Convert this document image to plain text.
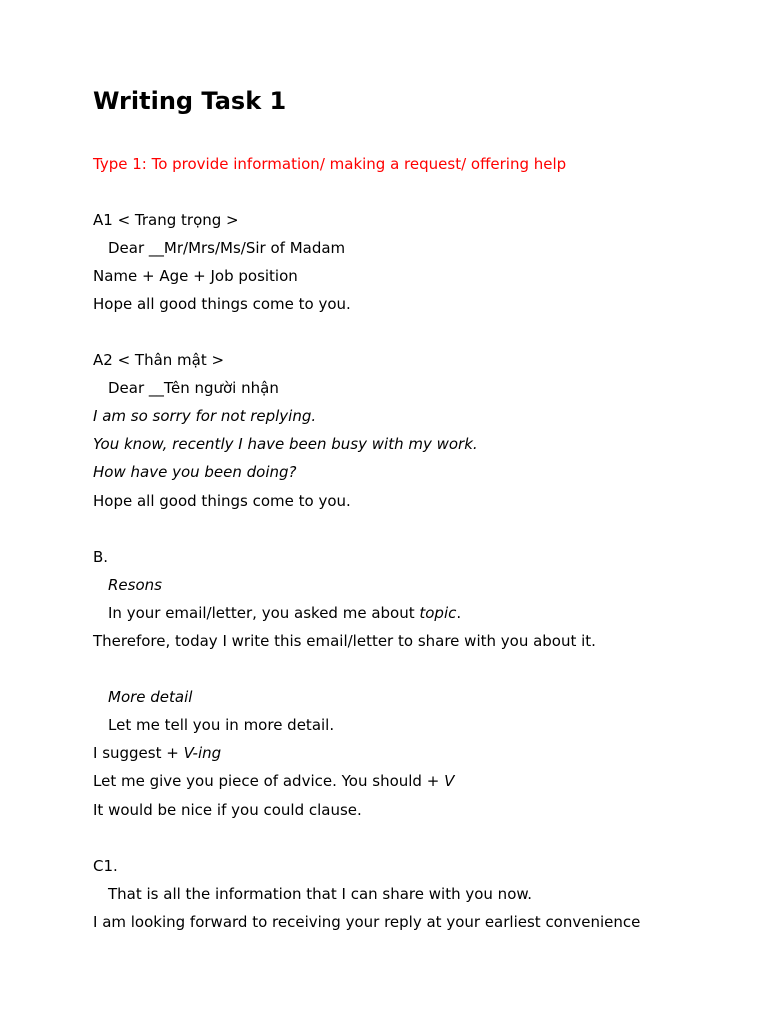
Writing Task 1
Type 1: To provide information/ making a request/ offering help
A1 < Trang trọng >
Dear __Mr/Mrs/Ms/Sir of Madam
Name + Age + Job position
Hope all good things come to you.
A2 < Thân mật >
Dear __Tên người nhận
I am so sorry for not replying.
You know, recently I have been busy with my work.
How have you been doing?
Hope all good things come to you.
B.
Resons
In your email/letter, you asked me about topic.
Therefore, today I write this email/letter to share with you about it.
More detail
Let me tell you in more detail.
I suggest + V-ing
Let me give you piece of advice. You should + V
It would be nice if you could clause.
C1.
That is all the information that I can share with you now.
I am looking forward to receiving your reply at your earliest convenience
